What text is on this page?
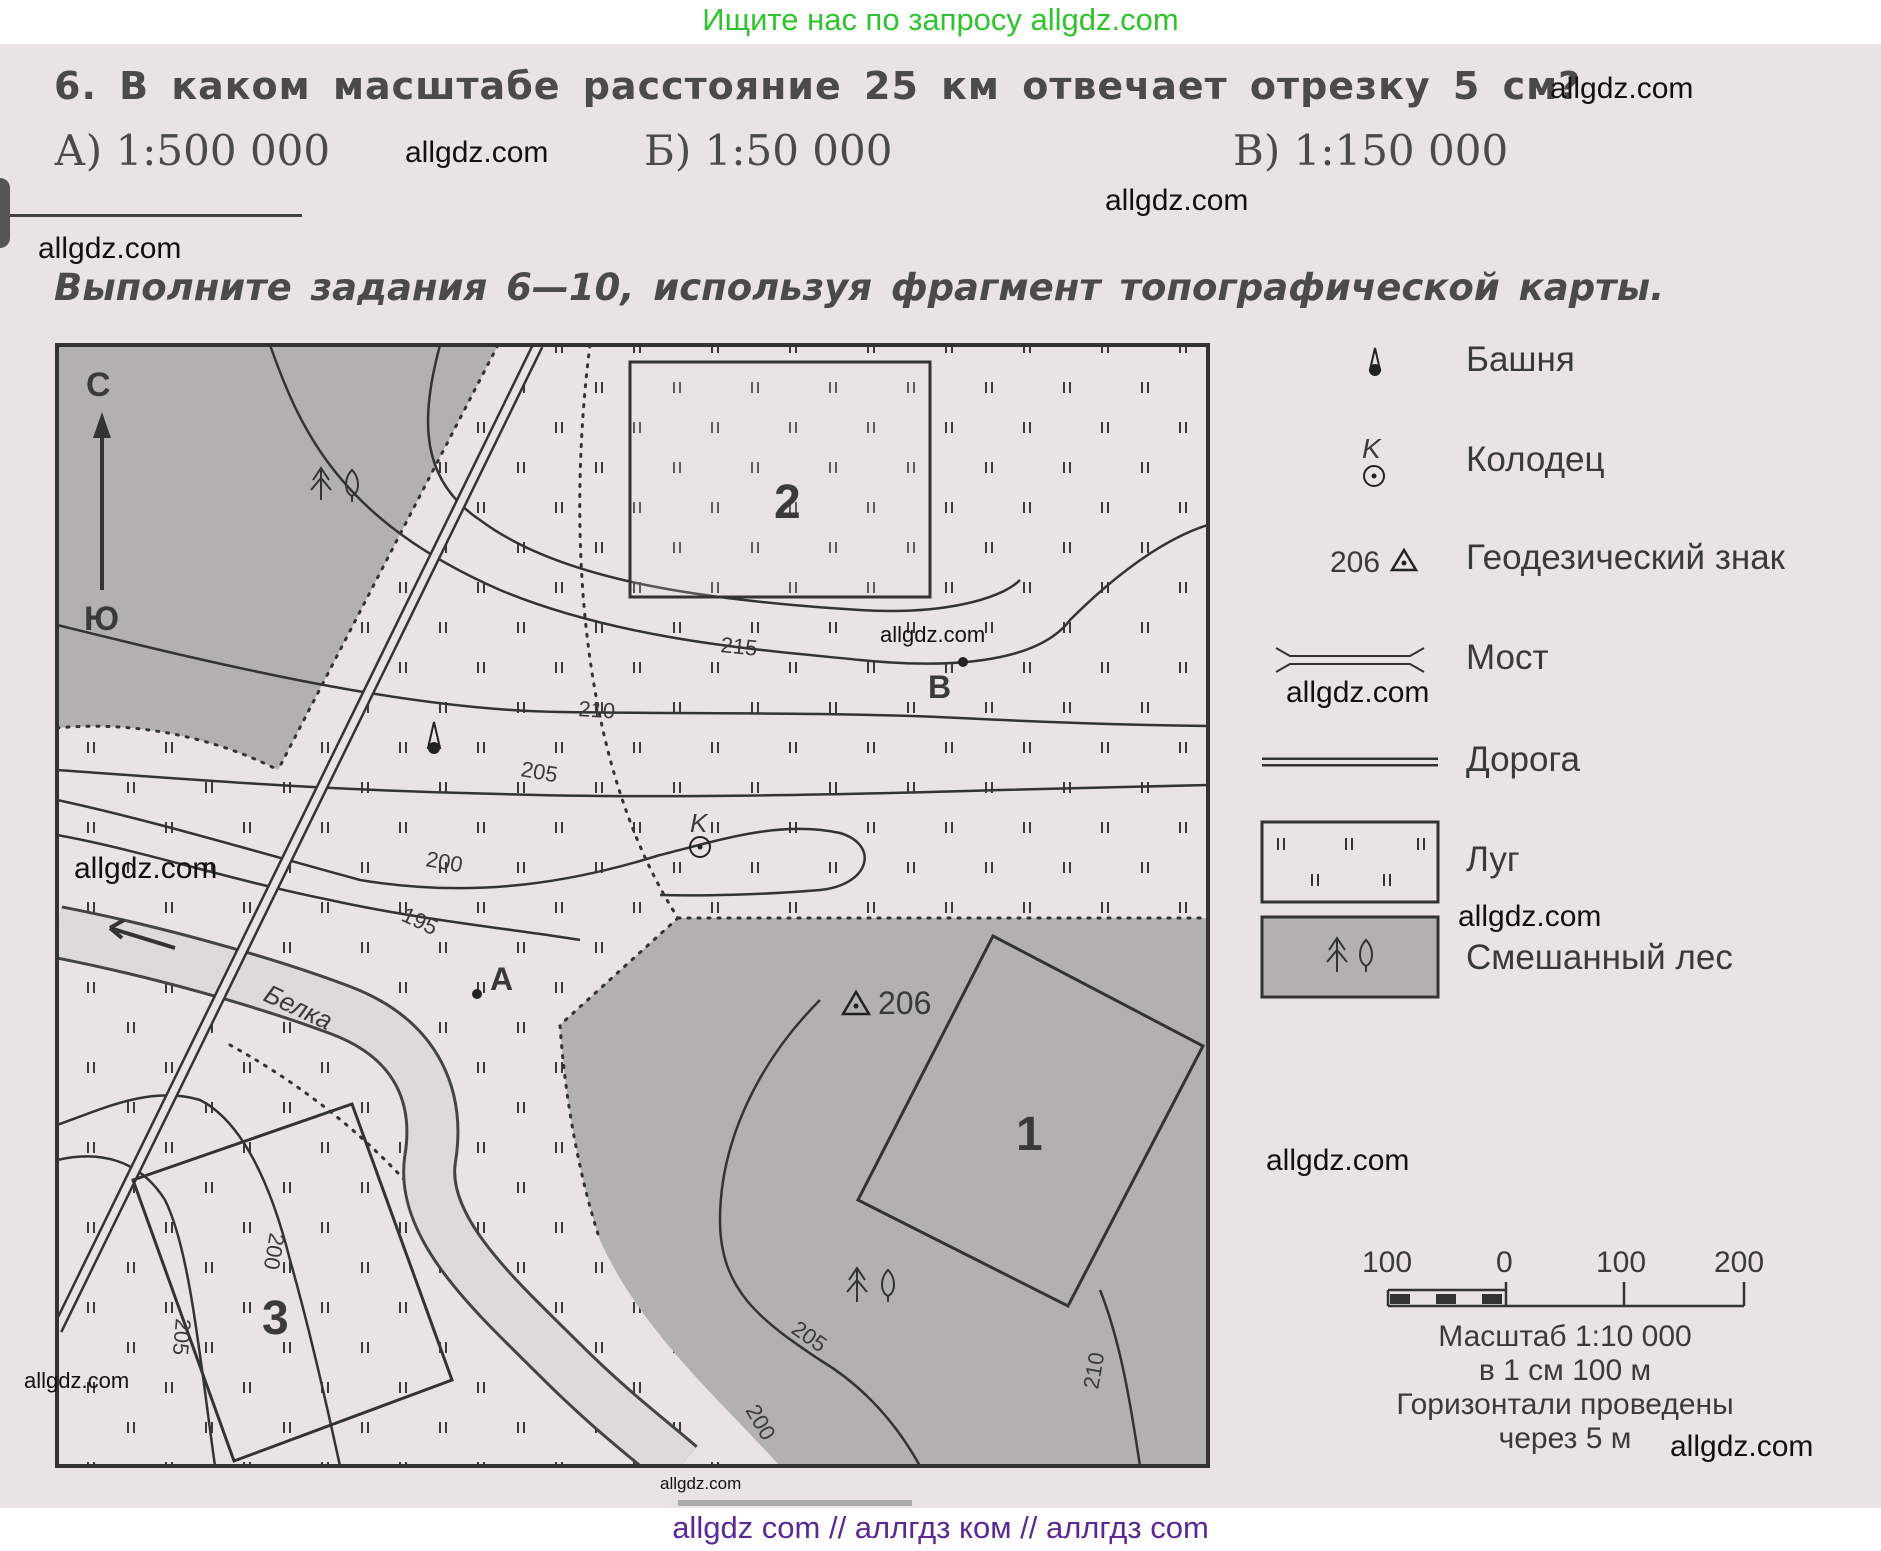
Ищите нас по запросу allgdz.com
6. В каком масштабе расстояние 25 км отвечает отрезку 5 см?
А) 1:500 000	Б) 1:50 000	В) 1:150 000
Выполните задания 6—10, используя фрагмент топографической карты.
С
Ю
2
1
3
А
В
Белка
K
206
215
210
205
200
195
200
205	205
200
210
K
206
100	0	100 200
Башня
Колодец
Геодезический знак
Мост
Дорога
Луг
Смешанный лес
Масштаб 1:10 000
в 1 см 100 м
Горизонтали проведены
через 5 м
allgdz.com
allgdz.com
allgdz.com
allgdz.com
allgdz.com
allgdz.com
allgdz.com
allgdz.com
allgdz.com
allgdz.com
allgdz.com
allgdz.com
allgdz com // аллгдз ком // аллгдз com
